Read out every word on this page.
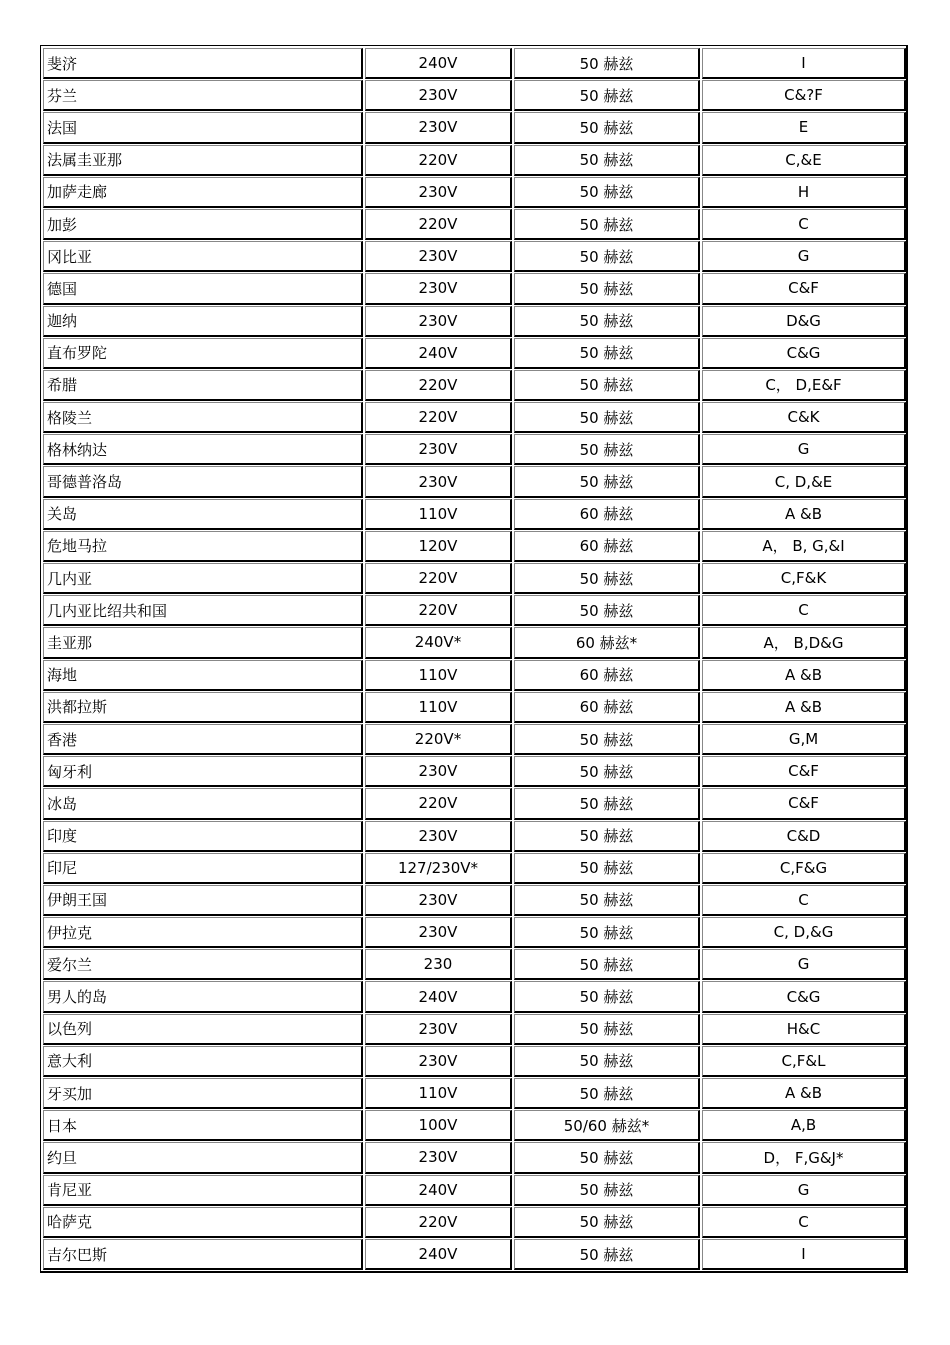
斐济	240V	50 赫兹	I
芬兰	230V	50 赫兹	C&?F
法国	230V	50 赫兹	E
法属圭亚那	220V	50 赫兹	C,&E
加萨走廊	230V	50 赫兹	H
加彭	220V	50 赫兹	C
冈比亚	230V	50 赫兹	G
德国	230V	50 赫兹	C&F
迦纳	230V	50 赫兹	D&G
直布罗陀	240V	50 赫兹	C&G
希腊	220V	50 赫兹	C， D,E&F
格陵兰	220V	50 赫兹	C&K
格林纳达	230V	50 赫兹	G
哥德普洛岛	230V	50 赫兹	C, D,&E
关岛	110V	60 赫兹	A &B
危地马拉	120V	60 赫兹	A， B, G,&I
几内亚	220V	50 赫兹	C,F&K
几内亚比绍共和国	220V	50 赫兹	C
圭亚那	240V*	60 赫兹*	A， B,D&G
海地	110V	60 赫兹	A &B
洪都拉斯	110V	60 赫兹	A &B
香港	220V*	50 赫兹	G,M
匈牙利	230V	50 赫兹	C&F
冰岛	220V	50 赫兹	C&F
印度	230V	50 赫兹	C&D
印尼	127/230V*	50 赫兹	C,F&G
伊朗王国	230V	50 赫兹	C
伊拉克	230V	50 赫兹	C, D,&G
爱尔兰	230	50 赫兹	G
男人的岛	240V	50 赫兹	C&G
以色列	230V	50 赫兹	H&C
意大利	230V	50 赫兹	C,F&L
牙买加	110V	50 赫兹	A &B
日本	100V	50/60 赫兹*	A,B
约旦	230V	50 赫兹	D， F,G&J*
肯尼亚	240V	50 赫兹	G
哈萨克	220V	50 赫兹	C
吉尔巴斯	240V	50 赫兹	I
